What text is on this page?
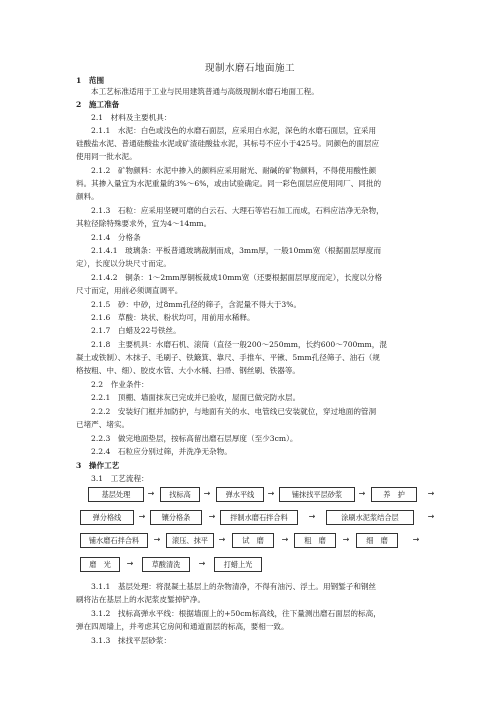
现制水磨石地面施工
1　范围
本工艺标准适用于工业与民用建筑普通与高级现制水磨石地面工程。
2　施工准备
2.1　材料及主要机具：
2.1.1　水泥：白色或浅色的水磨石面层，应采用白水泥，深色的水磨石面层，宜采用
硅酸盐水泥、普通硅酸盐水泥或矿渣硅酸盐水泥，其标号不应小于425号。同颜色的面层应
使用同一批水泥。
2.1.2　矿物颜料：水泥中掺入的颜料应采用耐光、耐碱的矿物颜料，不得使用酸性颜
料。其掺入量宜为水泥重量的3%～6%，或由试验确定。同一彩色面层应使用同厂、同批的
颜料。
2.1.3　石粒：应采用坚硬可磨的白云石、大理石等岩石加工而成，石料应洁净无杂物，
其粒径除特殊要求外，宜为4～14mm。
2.1.4　分格条
2.1.4.1　玻璃条：平板普通玻璃裁制而成，3mm厚，一般10mm宽（根据面层厚度而
定），长度以分块尺寸而定。
2.1.4.2　铜条：1～2mm厚铜板裁成10mm宽（还要根据面层厚度而定），长度以分格
尺寸而定，用前必须调直调平。
2.1.5　砂：中砂，过8mm孔径的筛子，含泥量不得大于3%。
2.1.6　草酸：块状、粉状均可，用前用水稀释。
2.1.7　白蜡及22号铁丝。
2.1.8　主要机具：水磨石机、滚筒（直径一般200～250mm，长约600～700mm，混
凝土或铁制）、木抹子、毛刷子、铁簸箕、靠尺、手推车、平锹、5mm孔径筛子、油石（规
格按粗、中、细）、胶皮水管、大小水桶、扫帚、钢丝刷、铁器等。
2.2　作业条件：
2.2.1　顶棚、墙面抹灰已完成并已验收，屋面已做完防水层。
2.2.2　安装好门框并加防护，与地面有关的水、电管线已安装就位，穿过地面的管洞
已堵严、堵实。
2.2.3　做完地面垫层，按标高留出磨石层厚度（至少3cm）。
2.2.4　石粒应分别过筛，并洗净无杂物。
3　操作工艺
3.1　工艺流程：
基层处理	→	找标高	→	弹水平线	→	铺抹找平层砂浆	→	养　护	→
弹分格线	→	镶分格条	→	拌制水磨石拌合料	→	涂刷水泥浆结合层	→
铺水磨石拌合料	→	滚压、抹平	→	试　磨	→	粗　磨	→	细　磨	→
磨　光	→	草酸清洗	→	打蜡上光
3.1.1　基层处理：将混凝土基层上的杂物清净，不得有油污、浮土。用钢錾子和钢丝
刷将沾在基层上的水泥浆皮錾掉铲净。
3.1.2　找标高弹水平线：根据墙面上的+50cm标高线，往下量测出磨石面层的标高，
弹在四周墙上，并考虑其它房间和通道面层的标高，要相一致。
3.1.3　抹找平层砂浆：
